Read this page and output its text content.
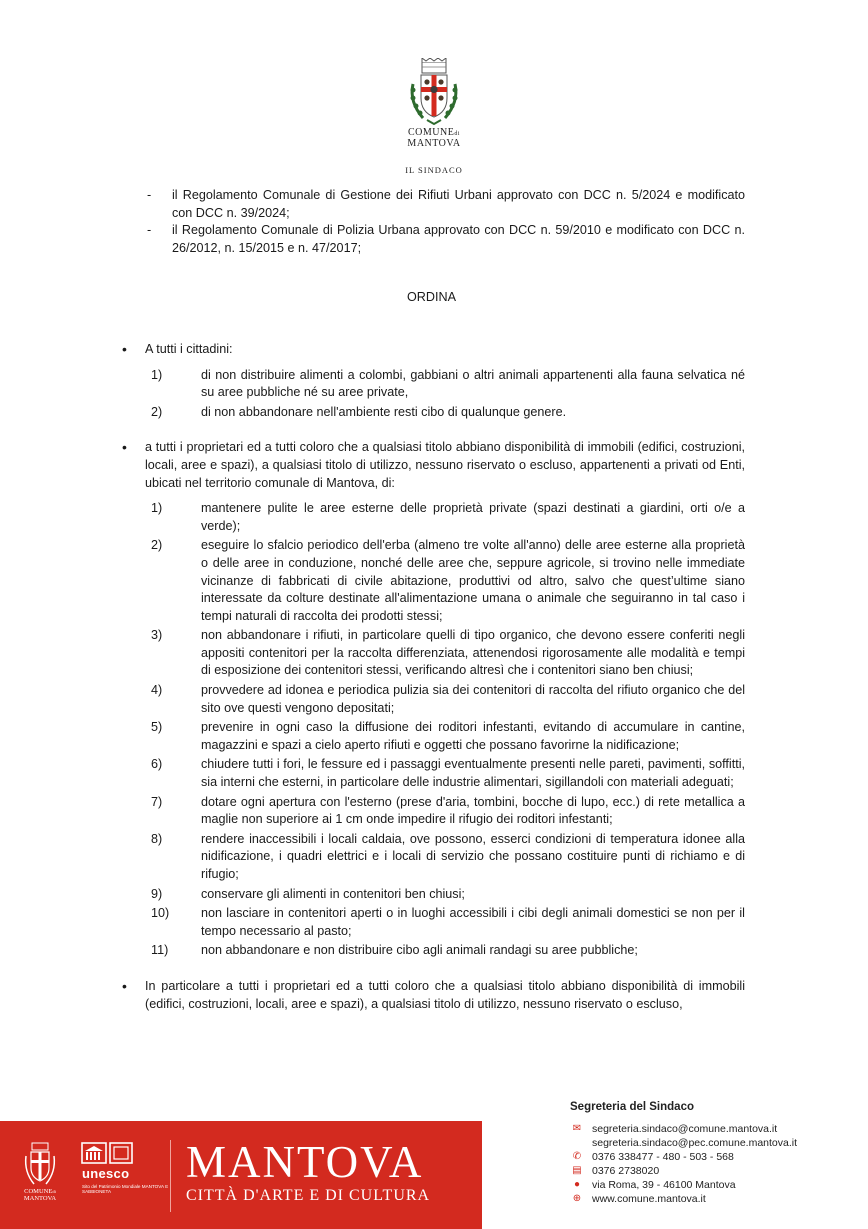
COMUNEdi
MANTOVA
IL SINDACO
- il Regolamento Comunale di Gestione dei Rifiuti Urbani approvato con DCC n. 5/2024 e modificato con DCC n. 39/2024;
- il Regolamento Comunale di Polizia Urbana approvato con DCC n. 59/2010 e modificato con DCC n. 26/2012, n. 15/2015 e n. 47/2017;
ORDINA
• A tutti i cittadini:
1)	di non distribuire alimenti a colombi, gabbiani o altri animali appartenenti alla fauna selvatica né su aree pubbliche né su aree private,
2)	di non abbandonare nell'ambiente resti cibo di qualunque genere.
• a tutti i proprietari ed a tutti coloro che a qualsiasi titolo abbiano disponibilità di immobili (edifici, costruzioni, locali, aree e spazi), a qualsiasi titolo di utilizzo, nessuno riservato o escluso, appartenenti a privati od Enti, ubicati nel territorio comunale di Mantova, di:
1)	mantenere pulite le aree esterne delle proprietà private (spazi destinati a giardini, orti o/e a verde);
2)	eseguire lo sfalcio periodico dell'erba (almeno tre volte all'anno) delle aree esterne alla proprietà o delle aree in conduzione, nonché delle aree che, seppure agricole, si trovino nelle immediate vicinanze di fabbricati di civile abitazione, produttivi od altro, salvo che quest’ultime siano interessate da colture destinate all'alimentazione umana o animale che seguiranno in tal caso i tempi naturali di raccolta dei prodotti stessi;
3)	non abbandonare i rifiuti, in particolare quelli di tipo organico, che devono essere conferiti negli appositi contenitori per la raccolta differenziata, attenendosi rigorosamente alle modalità e tempi di esposizione dei contenitori stessi, verificando altresì che i contenitori siano ben chiusi;
4)	provvedere ad idonea e periodica pulizia sia dei contenitori di raccolta del rifiuto organico che del sito ove questi vengono depositati;
5)	prevenire in ogni caso la diffusione dei roditori infestanti, evitando di accumulare in cantine, magazzini e spazi a cielo aperto rifiuti e oggetti che possano favorirne la nidificazione;
6)	chiudere tutti i fori, le fessure ed i passaggi eventualmente presenti nelle pareti, pavimenti, soffitti, sia interni che esterni, in particolare delle industrie alimentari, sigillandoli con materiali adeguati;
7)	dotare ogni apertura con l'esterno (prese d'aria, tombini, bocche di lupo, ecc.) di rete metallica a maglie non superiore ai 1 cm onde impedire il rifugio dei roditori infestanti;
8)	rendere inaccessibili i locali caldaia, ove possono, esserci condizioni di temperatura idonee alla nidificazione, i quadri elettrici e i locali di servizio che possano costituire punti di richiamo e di rifugio;
9)	conservare gli alimenti in contenitori ben chiusi;
10)	non lasciare in contenitori aperti o in luoghi accessibili i cibi degli animali domestici se non per il tempo necessario al pasto;
11)	non abbandonare e non distribuire cibo agli animali randagi su aree pubbliche;
• In particolare a tutti i proprietari ed a tutti coloro che a qualsiasi titolo abbiano disponibilità di immobili (edifici, costruzioni, locali, aree e spazi), a qualsiasi titolo di utilizzo, nessuno riservato o escluso,
Segreteria del Sindaco
✉ segreteria.sindaco@comune.mantova.it
segreteria.sindaco@pec.comune.mantova.it
✆ 0376 338477 - 480 - 503 - 568
▤ 0376 2738020
●	via Roma, 39 - 46100 Mantova
⊕ www.comune.mantova.it
COMUNEdi
MANTOVA
unesco
Sito del Patrimonio Mondiale MANTOVA E SABBIONETA
MANTOVA
CITTÀ D'ARTE E DI CULTURA
